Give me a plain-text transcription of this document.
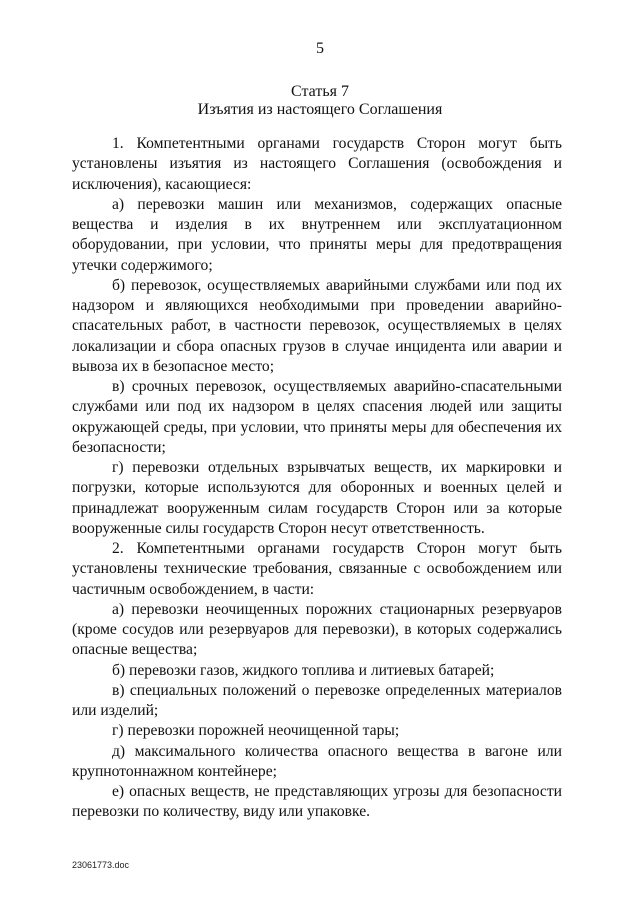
5
Статья 7
Изъятия из настоящего Соглашения

1. Компетентными органами государств Сторон могут быть установлены изъятия из настоящего Соглашения (освобождения и исключения), касающиеся:

а) перевозки машин или механизмов, содержащих опасные вещества и изделия в их внутреннем или эксплуатационном оборудовании, при условии, что приняты меры для предотвращения утечки содержимого;

б) перевозок, осуществляемых аварийными службами или под их надзором и являющихся необходимыми при проведении аварийно-спасательных работ, в частности перевозок, осуществляемых в целях локализации и сбора опасных грузов в случае инцидента или аварии и вывоза их в безопасное место;

в) срочных перевозок, осуществляемых аварийно-спасательными службами или под их надзором в целях спасения людей или защиты окружающей среды, при условии, что приняты меры для обеспечения их безопасности;

г) перевозки отдельных взрывчатых веществ, их маркировки и погрузки, которые используются для оборонных и военных целей и принадлежат вооруженным силам государств Сторон или за которые вооруженные силы государств Сторон несут ответственность.

2. Компетентными органами государств Сторон могут быть установлены технические требования, связанные с освобождением или частичным освобождением, в части:

а) перевозки неочищенных порожних стационарных резервуаров (кроме сосудов или резервуаров для перевозки), в которых содержались опасные вещества;

б) перевозки газов, жидкого топлива и литиевых батарей;

в) специальных положений о перевозке определенных материалов или изделий;

г) перевозки порожней неочищенной тары;

д) максимального количества опасного вещества в вагоне или крупнотоннажном контейнере;

е) опасных веществ, не представляющих угрозы для безопасности перевозки по количеству, виду или упаковке.

23061773.doc
